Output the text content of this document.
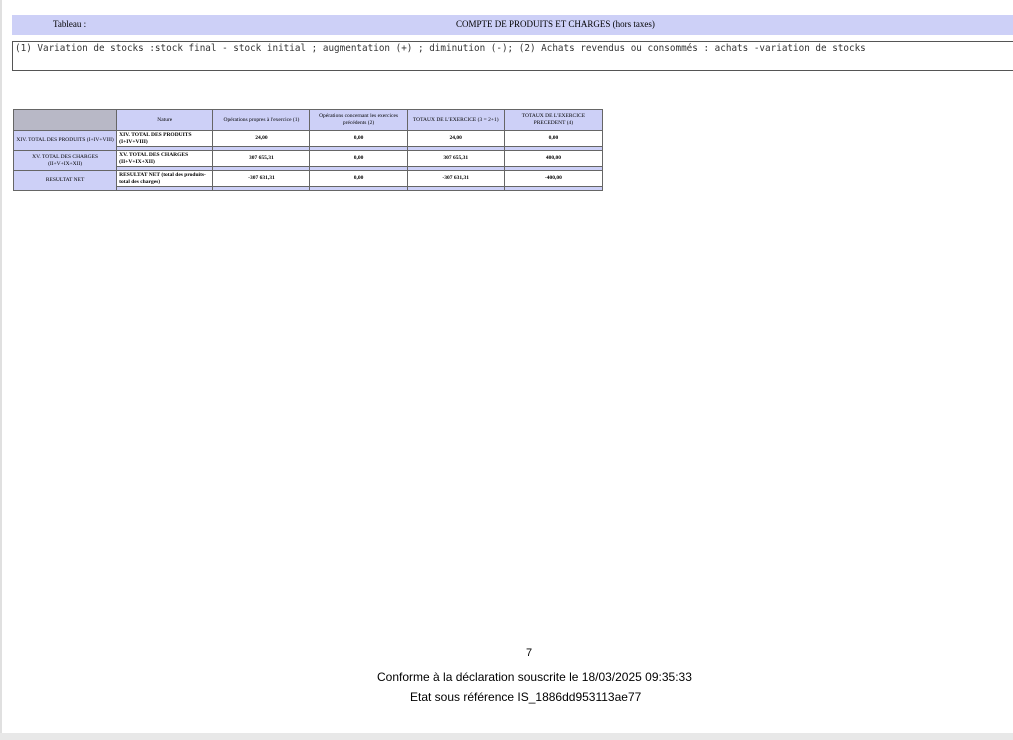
Tableau :	COMPTE DE PRODUITS ET CHARGES (hors taxes)
(1) Variation de stocks :stock final - stock initial ; augmentation (+) ; diminution (-); (2) Achats revendus ou consommés : achats -variation de stocks
	Nature	Opérations propres à l'exercice (1)	Opérations concernant les exercices précédents (2)	TOTAUX DE L'EXERCICE (3 = 2+1)	TOTAUX DE L'EXERCICE PRECEDENT (4)
XIV. TOTAL DES PRODUITS (I+IV+VIII)	XIV. TOTAL DES PRODUITS (I+IV+VIII)	24,00	0,00	24,00	0,00

XV. TOTAL DES CHARGES (II+V+IX+XII)	XV. TOTAL DES CHARGES (II+V+IX+XII)	307 655,31	0,00	307 655,31	400,00

RESULTAT NET	RESULTAT NET (total des produits-total des charges)	-307 631,31	0,00	-307 631,31	-400,00

7
Conforme à la déclaration souscrite le 18/03/2025 09:35:33
Etat sous référence IS_1886dd953113ae77
